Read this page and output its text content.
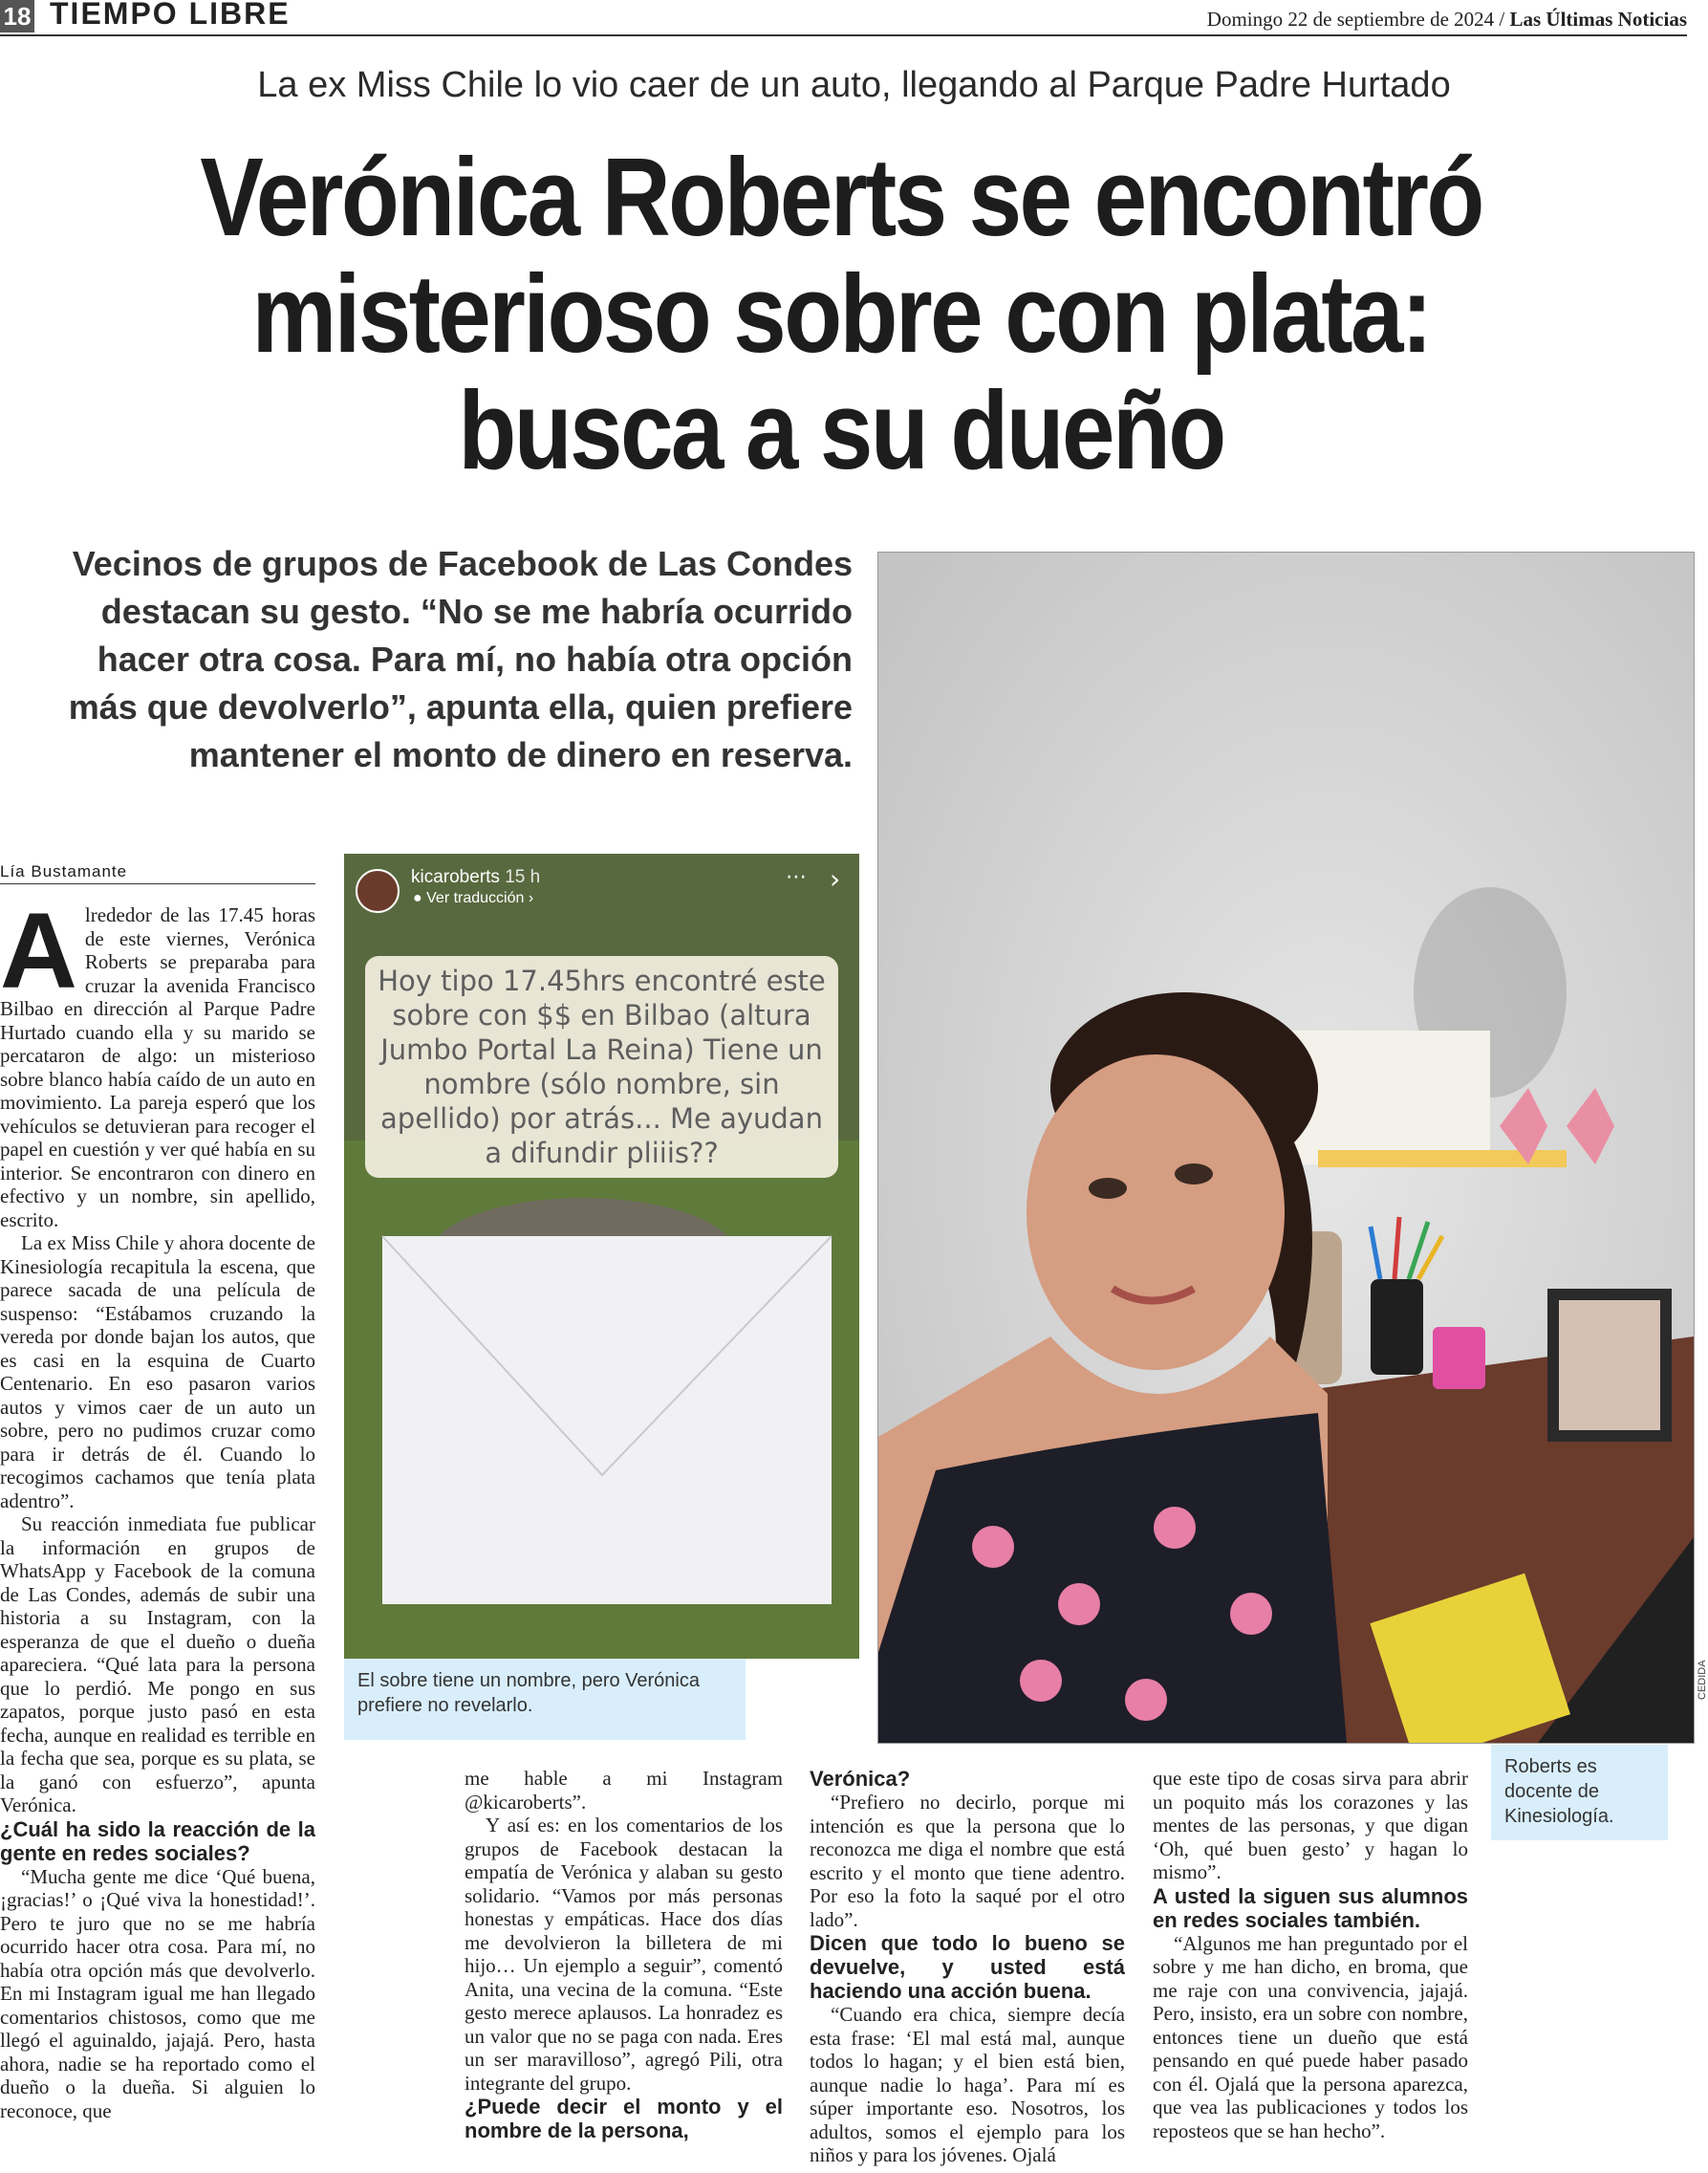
18 TIEMPO LIBRE	Domingo 22 de septiembre de 2024 / Las Últimas Noticias
La ex Miss Chile lo vio caer de un auto, llegando al Parque Padre Hurtado
Verónica Roberts se encontró misterioso sobre con plata: busca a su dueño
Vecinos de grupos de Facebook de Las Condes destacan su gesto. “No se me habría ocurrido hacer otra cosa. Para mí, no había otra opción más que devolverlo”, apunta ella, quien prefiere mantener el monto de dinero en reserva.
kicaroberts 15 h
● Ver traducción ›
⋯ ›
Hoy tipo 17.45hrs encontré este sobre con $$ en Bilbao (altura Jumbo Portal La Reina) Tiene un nombre (sólo nombre, sin apellido) por atrás... Me ayudan a difundir pliiis??
El sobre tiene un nombre, pero Verónica prefiere no revelarlo.
Roberts es docente de Kinesiología.
CEDIDA
Lía Bustamante
A lrededor de las 17.45 horas de este viernes, Verónica Roberts se preparaba para cruzar la avenida Francisco Bilbao en dirección al Parque Padre Hurtado cuando ella y su marido se percataron de algo: un misterioso sobre blanco había caído de un auto en movimiento. La pareja esperó que los vehículos se detuvieran para recoger el papel en cuestión y ver qué había en su interior. Se encontraron con dinero en efectivo y un nombre, sin apellido, escrito.

La ex Miss Chile y ahora docente de Kinesiología recapitula la escena, que parece sacada de una película de suspenso: “Estábamos cruzando la vereda por donde bajan los autos, que es casi en la esquina de Cuarto Centenario. En eso pasaron varios autos y vimos caer de un auto un sobre, pero no pudimos cruzar como para ir detrás de él. Cuando lo recogimos cachamos que tenía plata adentro”.

Su reacción inmediata fue publicar la información en grupos de WhatsApp y Facebook de la comuna de Las Condes, además de subir una historia a su Instagram, con la esperanza de que el dueño o dueña apareciera. “Qué lata para la persona que lo perdió. Me pongo en sus zapatos, porque justo pasó en esta fecha, aunque en realidad es terrible en la fecha que sea, porque es su plata, se la ganó con esfuerzo”, apunta Verónica.

¿Cuál ha sido la reacción de la gente en redes sociales?

“Mucha gente me dice ‘Qué buena, ¡gracias!’ o ¡Qué viva la honestidad!’. Pero te juro que no se me habría ocurrido hacer otra cosa. Para mí, no había otra opción más que devolverlo. En mi Instagram igual me han llegado comentarios chistosos, como que me llegó el aguinaldo, jajajá. Pero, hasta ahora, nadie se ha reportado como el dueño o la dueña. Si alguien lo reconoce, que

me hable a mi Instagram @kicaroberts”.

Y así es: en los comentarios de los grupos de Facebook destacan la empatía de Verónica y alaban su gesto solidario. “Vamos por más personas honestas y empáticas. Hace dos días me devolvieron la billetera de mi hijo… Un ejemplo a seguir”, comentó Anita, una vecina de la comuna. “Este gesto merece aplausos. La honradez es un valor que no se paga con nada. Eres un ser maravilloso”, agregó Pili, otra integrante del grupo.

¿Puede decir el monto y el nombre de la persona,

Verónica?

“Prefiero no decirlo, porque mi intención es que la persona que lo reconozca me diga el nombre que está escrito y el monto que tiene adentro. Por eso la foto la saqué por el otro lado”.

Dicen que todo lo bueno se devuelve, y usted está haciendo una acción buena.

“Cuando era chica, siempre decía esta frase: ‘El mal está mal, aunque todos lo hagan; y el bien está bien, aunque nadie lo haga’. Para mí es súper importante eso. Nosotros, los adultos, somos el ejemplo para los niños y para los jóvenes. Ojalá

que este tipo de cosas sirva para abrir un poquito más los corazones y las mentes de las personas, y que digan ‘Oh, qué buen gesto’ y hagan lo mismo”.

A usted la siguen sus alumnos en redes sociales también.

“Algunos me han preguntado por el sobre y me han dicho, en broma, que me raje con una convivencia, jajajá. Pero, insisto, era un sobre con nombre, entonces tiene un dueño que está pensando en qué puede haber pasado con él. Ojalá que la persona aparezca, que vea las publicaciones y todos los reposteos que se han hecho”.
